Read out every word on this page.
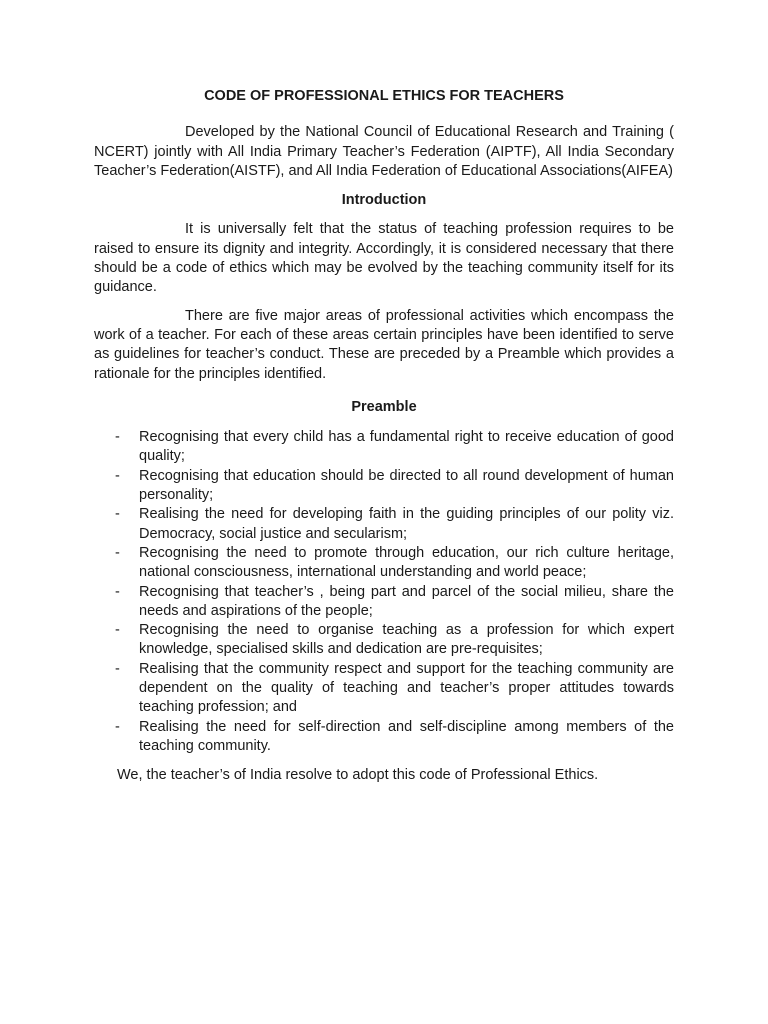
CODE OF PROFESSIONAL ETHICS FOR TEACHERS

Developed by the National Council of Educational Research and Training ( NCERT) jointly with All India Primary Teacher’s Federation (AIPTF), All India Secondary Teacher’s Federation(AISTF), and All India Federation of Educational Associations(AIFEA)

Introduction

It is universally felt that the status of teaching profession requires to be raised to ensure its dignity and integrity. Accordingly, it is considered necessary that there should be a code of ethics which may be evolved by the teaching community itself for its guidance.

There are five major areas of professional activities which encompass the work of a teacher. For each of these areas certain principles have been identified to serve as guidelines for teacher’s conduct. These are preceded by a Preamble which provides a rationale for the principles identified.

Preamble
- Recognising that every child has a fundamental right to receive education of good quality;
- Recognising that education should be directed to all round development of human personality;
- Realising the need for developing faith in the guiding principles of our polity viz. Democracy, social justice and secularism;
- Recognising the need to promote through education, our rich culture heritage, national consciousness, international understanding and world peace;
- Recognising that teacher’s , being part and parcel of the social milieu, share the needs and aspirations of the people;
- Recognising the need to organise teaching as a profession for which expert knowledge, specialised skills and dedication are pre-requisites;
- Realising that the community respect and support for the teaching community are dependent on the quality of teaching and teacher’s proper attitudes towards teaching profession; and
- Realising the need for self-direction and self-discipline among members of the teaching community.

We, the teacher’s of India resolve to adopt this code of Professional Ethics.
